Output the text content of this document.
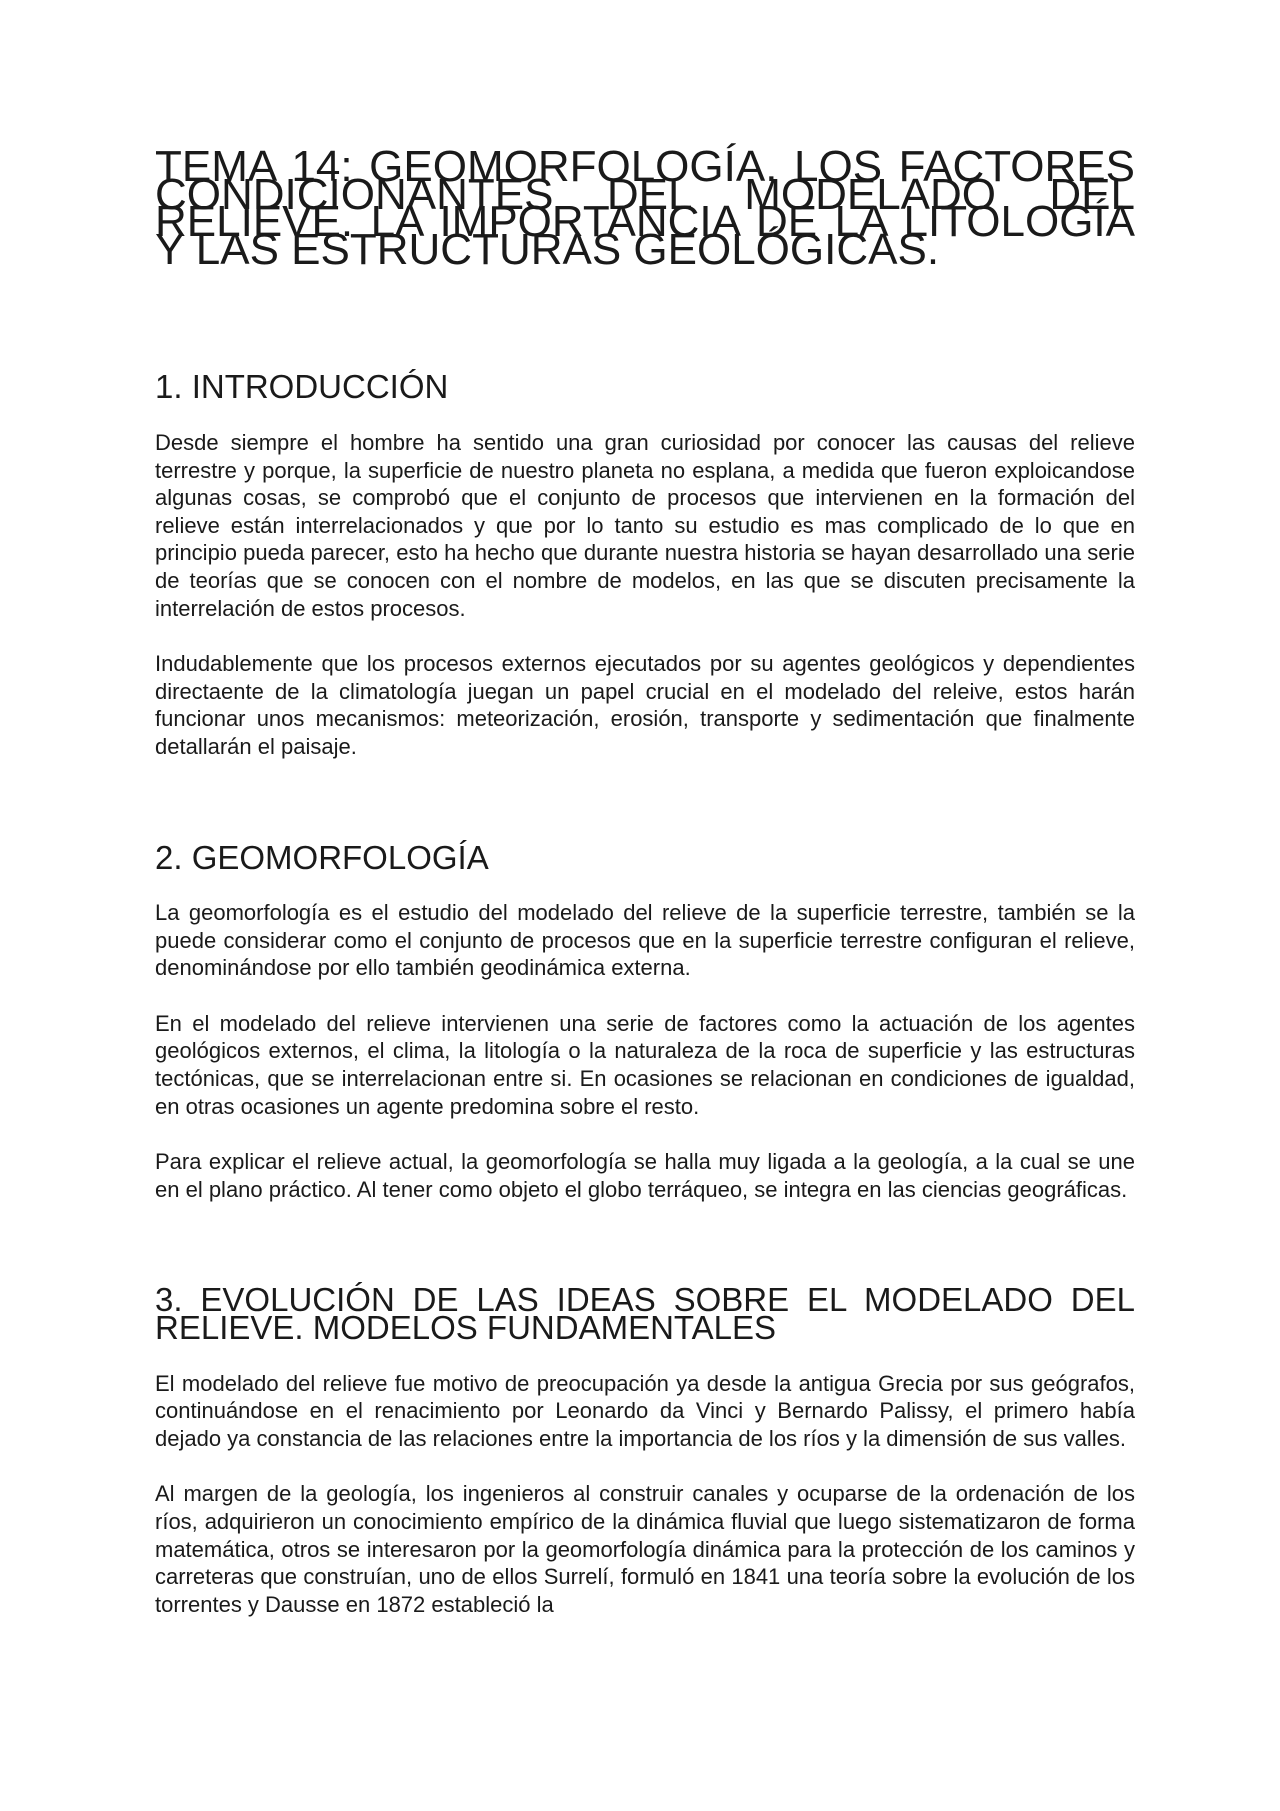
TEMA 14: GEOMORFOLOGÍA. LOS FACTORES CONDICIONANTES DEL MODELADO DEL RELIEVE. LA IMPORTANCIA DE LA LITOLOGÍA Y LAS ESTRUCTURAS GEOLÓGICAS.
1. INTRODUCCIÓN

Desde siempre el hombre ha sentido una gran curiosidad por conocer las causas del relieve terrestre y porque, la superficie de nuestro planeta no esplana, a medida que fueron exploicandose algunas cosas, se comprobó que el conjunto de procesos que intervienen en la formación del relieve están interrelacionados y que por lo tanto su estudio es mas complicado de lo que en principio pueda parecer, esto ha hecho que durante nuestra historia se hayan desarrollado una serie de teorías que se conocen con el nombre de modelos, en las que se discuten precisamente la interrelación de estos procesos.

Indudablemente que los procesos externos ejecutados por su agentes geológicos y dependientes directaente de la climatología juegan un papel crucial en el modelado del releive, estos harán funcionar unos mecanismos: meteorización, erosión, transporte y sedimentación que finalmente detallarán el paisaje.

2. GEOMORFOLOGÍA

La geomorfología es el estudio del modelado del relieve de la superficie terrestre, también se la puede considerar como el conjunto de procesos que en la superficie terrestre configuran el relieve, denominándose por ello también geodinámica externa.

En el modelado del relieve intervienen una serie de factores como la actuación de los agentes geológicos externos, el clima, la litología o la naturaleza de la roca de superficie y las estructuras tectónicas, que se interrelacionan entre si. En ocasiones se relacionan en condiciones de igualdad, en otras ocasiones un agente predomina sobre el resto.

Para explicar el relieve actual, la geomorfología se halla muy ligada a la geología, a la cual se une en el plano práctico. Al tener como objeto el globo terráqueo, se integra en las ciencias geográficas.

3. EVOLUCIÓN DE LAS IDEAS SOBRE EL MODELADO DEL RELIEVE. MODELOS FUNDAMENTALES

El modelado del relieve fue motivo de preocupación ya desde la antigua Grecia por sus geógrafos, continuándose en el renacimiento por Leonardo da Vinci y Bernardo Palissy, el primero había dejado ya constancia de las relaciones entre la importancia de los ríos y la dimensión de sus valles.

Al margen de la geología, los ingenieros al construir canales y ocuparse de la ordenación de los ríos, adquirieron un conocimiento empírico de la dinámica fluvial que luego sistematizaron de forma matemática, otros se interesaron por la geomorfología dinámica para la protección de los caminos y carreteras que construían, uno de ellos Surrelí, formuló en 1841 una teoría sobre la evolución de los torrentes y Dausse en 1872 estableció la
